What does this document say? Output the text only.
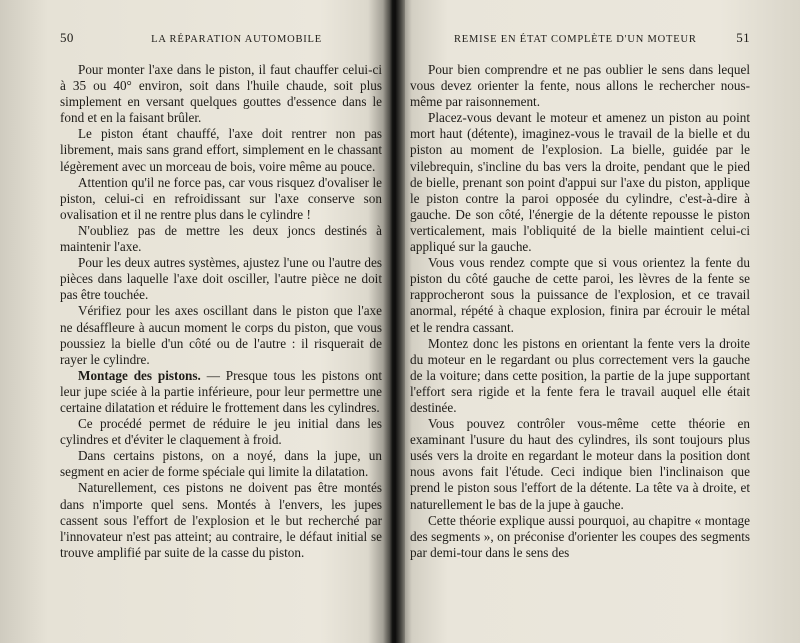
50	LA RÉPARATION AUTOMOBILE

Pour monter l'axe dans le piston, il faut chauffer celui-ci à 35 ou 40° environ, soit dans l'huile chaude, soit plus simplement en versant quelques gouttes d'essence dans le fond et en la faisant brûler.

Le piston étant chauffé, l'axe doit rentrer non pas librement, mais sans grand effort, simplement en le chassant légèrement avec un morceau de bois, voire même au pouce.

Attention qu'il ne force pas, car vous risquez d'ovaliser le piston, celui-ci en refroidissant sur l'axe conserve son ovalisation et il ne rentre plus dans le cylindre !

N'oubliez pas de mettre les deux joncs destinés à maintenir l'axe.

Pour les deux autres systèmes, ajustez l'une ou l'autre des pièces dans laquelle l'axe doit osciller, l'autre pièce ne doit pas être touchée.

Vérifiez pour les axes oscillant dans le piston que l'axe ne désaffleure à aucun moment le corps du piston, que vous poussiez la bielle d'un côté ou de l'autre : il risquerait de rayer le cylindre.

Montage des pistons. — Presque tous les pistons ont leur jupe sciée à la partie inférieure, pour leur permettre une certaine dilatation et réduire le frottement dans les cylindres.

Ce procédé permet de réduire le jeu initial dans les cylindres et d'éviter le claquement à froid.

Dans certains pistons, on a noyé, dans la jupe, un segment en acier de forme spéciale qui limite la dilatation.

Naturellement, ces pistons ne doivent pas être montés dans n'importe quel sens. Montés à l'envers, les jupes cassent sous l'effort de l'explosion et le but recherché par l'innovateur n'est pas atteint; au contraire, le défaut initial se trouve amplifié par suite de la casse du piston.

REMISE EN ÉTAT COMPLÈTE D'UN MOTEUR	51

Pour bien comprendre et ne pas oublier le sens dans lequel vous devez orienter la fente, nous allons le rechercher nous-même par raisonnement.

Placez-vous devant le moteur et amenez un piston au point mort haut (détente), imaginez-vous le travail de la bielle et du piston au moment de l'explosion. La bielle, guidée par le vilebrequin, s'incline du bas vers la droite, pendant que le pied de bielle, prenant son point d'appui sur l'axe du piston, applique le piston contre la paroi opposée du cylindre, c'est-à-dire à gauche. De son côté, l'énergie de la détente repousse le piston verticalement, mais l'obliquité de la bielle maintient celui-ci appliqué sur la gauche.

Vous vous rendez compte que si vous orientez la fente du piston du côté gauche de cette paroi, les lèvres de la fente se rapprocheront sous la puissance de l'explosion, et ce travail anormal, répété à chaque explosion, finira par écrouir le métal et le rendra cassant.

Montez donc les pistons en orientant la fente vers la droite du moteur en le regardant ou plus correctement vers la gauche de la voiture; dans cette position, la partie de la jupe supportant l'effort sera rigide et la fente fera le travail auquel elle était destinée.

Vous pouvez contrôler vous-même cette théorie en examinant l'usure du haut des cylindres, ils sont toujours plus usés vers la droite en regardant le moteur dans la position dont nous avons fait l'étude. Ceci indique bien l'inclinaison que prend le piston sous l'effort de la détente. La tête va à droite, et naturellement le bas de la jupe à gauche.

Cette théorie explique aussi pourquoi, au chapitre « montage des segments », on préconise d'orienter les coupes des segments par demi-tour dans le sens des
